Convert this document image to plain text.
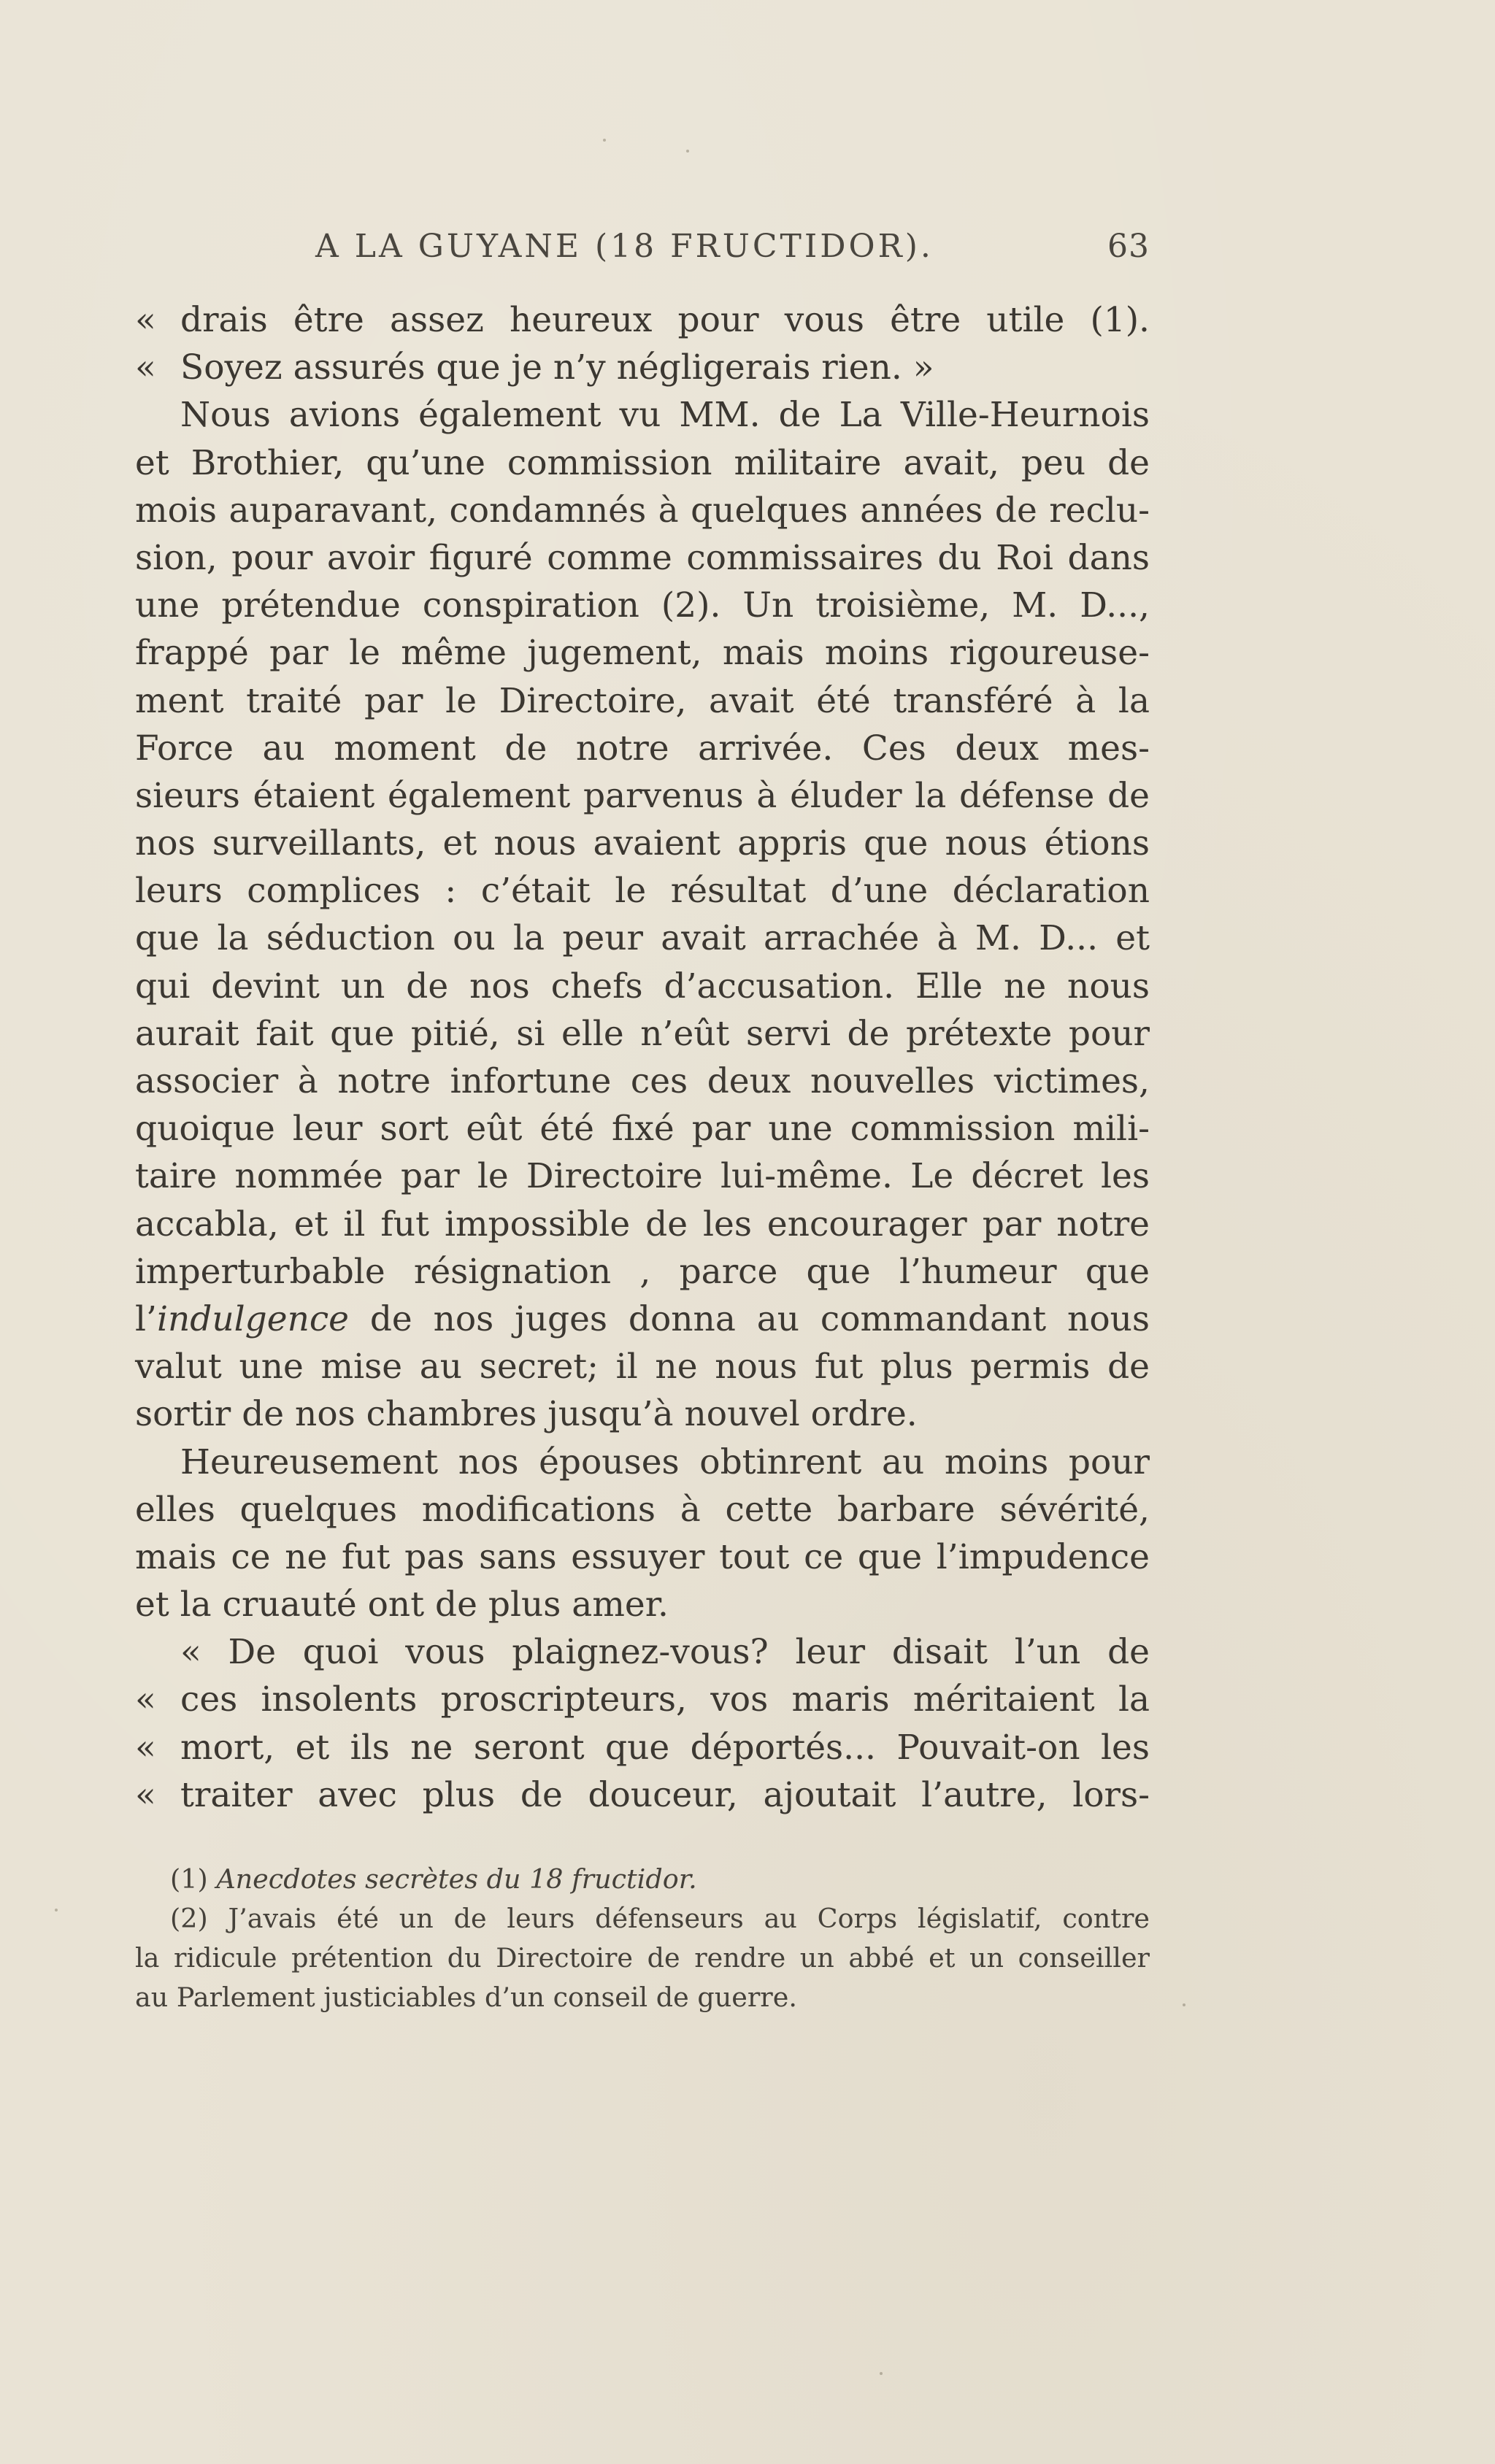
A LA GUYANE (18 FRUCTIDOR).	63
« drais être assez heureux pour vous être utile (1).
« Soyez assurés que je n’y négligerais rien. »
Nous avions également vu MM. de La Ville-Heurnois
et Brothier, qu’une commission militaire avait, peu de
mois auparavant, condamnés à quelques années de reclu-
sion, pour avoir figuré comme commissaires du Roi dans
une prétendue conspiration (2). Un troisième, M. D...,
frappé par le même jugement, mais moins rigoureuse-
ment traité par le Directoire, avait été transféré à la
Force au moment de notre arrivée. Ces deux mes-
sieurs étaient également parvenus à éluder la défense de
nos surveillants, et nous avaient appris que nous étions
leurs complices : c’était le résultat d’une déclaration
que la séduction ou la peur avait arrachée à M. D... et
qui devint un de nos chefs d’accusation. Elle ne nous
aurait fait que pitié, si elle n’eût servi de prétexte pour
associer à notre infortune ces deux nouvelles victimes,
quoique leur sort eût été fixé par une commission mili-
taire nommée par le Directoire lui-même. Le décret les
accabla, et il fut impossible de les encourager par notre
imperturbable résignation , parce que l’humeur que
l’indulgence de nos juges donna au commandant nous
valut une mise au secret; il ne nous fut plus permis de
sortir de nos chambres jusqu’à nouvel ordre.
Heureusement nos épouses obtinrent au moins pour
elles quelques modifications à cette barbare sévérité,
mais ce ne fut pas sans essuyer tout ce que l’impudence
et la cruauté ont de plus amer.
« De quoi vous plaignez-vous? leur disait l’un de
« ces insolents proscripteurs, vos maris méritaient la
« mort, et ils ne seront que déportés... Pouvait-on les
« traiter avec plus de douceur, ajoutait l’autre, lors-
(1) Anecdotes secrètes du 18 fructidor.
(2) J’avais été un de leurs défenseurs au Corps législatif, contre
la ridicule prétention du Directoire de rendre un abbé et un conseiller
au Parlement justiciables d’un conseil de guerre.
